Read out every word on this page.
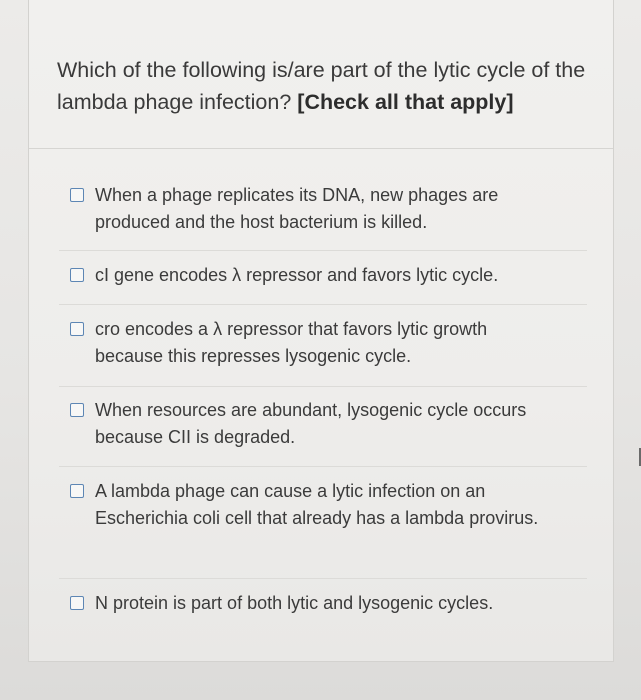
Which of the following is/are part of the lytic cycle of the lambda phage infection? [Check all that apply]

When a phage replicates its DNA, new phages are produced and the host bacterium is killed.
cI gene encodes λ repressor and favors lytic cycle.
cro encodes a λ repressor that favors lytic growth because this represses lysogenic cycle.
When resources are abundant, lysogenic cycle occurs because CII is degraded.
A lambda phage can cause a lytic infection on an Escherichia coli cell that already has a lambda provirus.
N protein is part of both lytic and lysogenic cycles.
